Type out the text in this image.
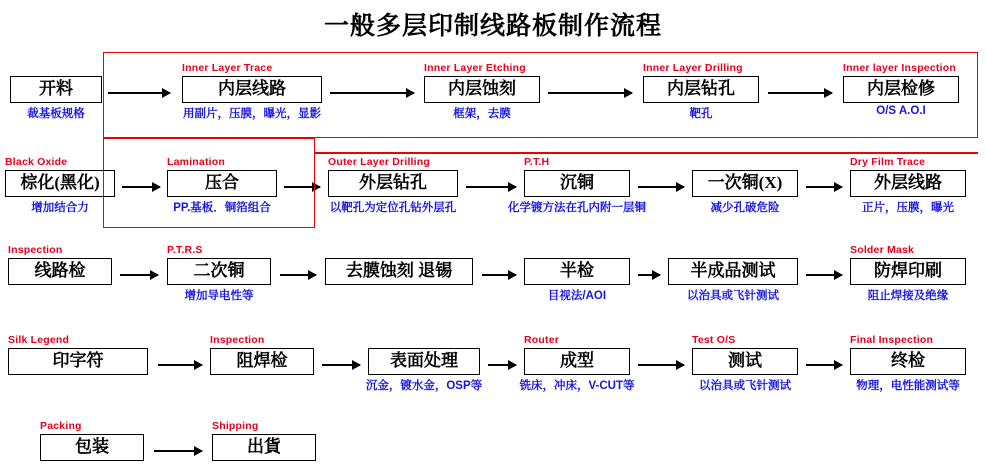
一般多层印制线路板制作流程
开料
裁基板规格
Inner Layer Trace
内层线路
用副片，压膜，曝光，显影
Inner Layer Etching
内层蚀刻
框架，去膜
Inner Layer Drilling
内层钻孔
靶孔
Inner layer Inspection
内层检修
O/S A.O.I
Black Oxide
棕化(黑化)
增加结合力
Lamination
压合
PP.基板．铜箔组合
Outer Layer Drilling
外层钻孔
以靶孔为定位孔钻外层孔
P.T.H
沉铜
化学镀方法在孔内附一层铜
一次铜(X)
减少孔破危险
Dry Film Trace
外层线路
正片，压膜，曝光
Inspection
线路检
P.T.R.S
二次铜
增加导电性等
去膜蚀刻 退锡	半检
目视法/AOI
半成品测试
以治具或飞针测试
Solder Mask
防焊印刷
阻止焊接及绝缘
Silk Legend
印字符
Inspection
阻焊检	表面处理
沉金，镀水金，OSP等
Router
成型
铣床，冲床，V-CUT等
Test O/S
测试
以治具或飞针测试
Final Inspection
终检
物理，电性能测试等
Packing
包装
Shipping
出貨
